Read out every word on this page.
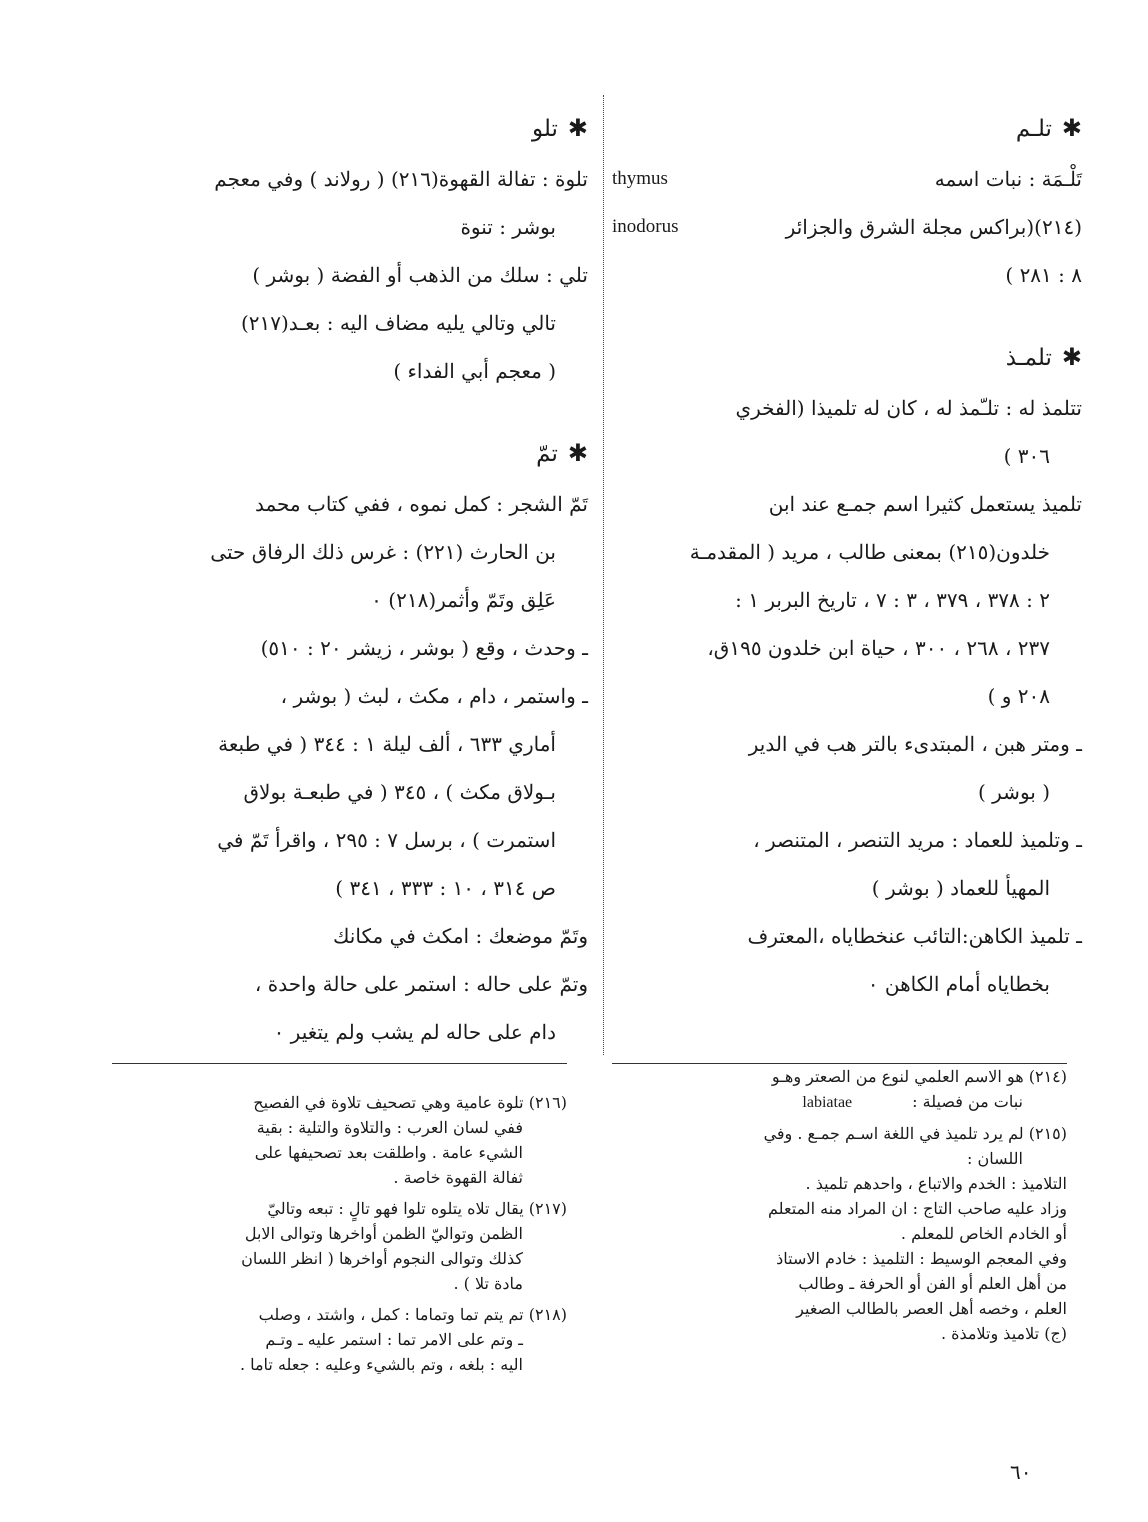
✱تلـم
تَلْـمَة : نبات اسمه
thymus
(٢١٤)(براكس مجلة الشرق والجزائر
inodorus
٨ : ٢٨١ )
✱تلمـذ
تتلمذ له : تلـّمذ له ، كان له تلميذا (الفخري
٣٠٦ )
تلميذ يستعمل كثيرا اسم جمـع عند ابن
خلدون(٢١٥) بمعنى طالب ، مريد ( المقدمـة
٢ : ٣٧٨ ، ٣٧٩ ، ٣ : ٧ ، تاريخ البربر ١ :
٢٣٧ ، ٢٦٨ ، ٣٠٠ ، حياة ابن خلدون ١٩٥ق،
٢٠٨ و )
ـ ومتر هبن ، المبتدىء بالتر هب في الدير
( بوشر )
ـ وتلميذ للعماد : مريد التنصر ، المتنصر ،
المهيأ للعماد ( بوشر )
ـ تلميذ الكاهن:التائب عنخطاياه ،المعترف
بخطاياه أمام الكاهن ٠
✱تلو
تلوة : تفالة القهوة(٢١٦) ( رولاند ) وفي معجم
بوشر : تنوة
تلي : سلك من الذهب أو الفضة ( بوشر )
تالي وتالي يليه مضاف اليه : بعـد(٢١٧)
( معجم أبي الفداء )
✱تمّ
تَمّ الشجر : كمل نموه ، ففي كتاب محمد
بن الحارث (٢٢١) : غرس ذلك الرفاق حتى
عَلِق وتَمّ وأثمر(٢١٨) ٠
ـ وحدث ، وقع ( بوشر ، زيشر ٢٠ : ٥١٠)
ـ واستمر ، دام ، مكث ، لبث ( بوشر ،
أماري ٦٣٣ ، ألف ليلة ١ : ٣٤٤ ( في طبعة
بـولاق مكث ) ، ٣٤٥ ( في طبعـة بولاق
استمرت ) ، برسل ٧ : ٢٩٥ ، واقرأ تَمّ في
ص ٣١٤ ، ١٠ : ٣٣٣ ، ٣٤١ )
وتَمّ موضعك : امكث في مكانك
وتمّ على حاله : استمر على حالة واحدة ،
دام على حاله لم يشب ولم يتغير ٠
(٢١٤) هو الاسم العلمي لنوع من الصعتر وهـو
نبات من فصيلة :labiatae
(٢١٥) لم يرد تلميذ في اللغة اسـم جمـع . وفي
اللسان :
التلاميذ : الخدم والاتباع ، واحدهم تلميذ .
وزاد عليه صاحب التاج : ان المراد منه المتعلم
أو الخادم الخاص للمعلم .
وفي المعجم الوسيط : التلميذ : خادم الاستاذ
من أهل العلم أو الفن أو الحرفة ـ وطالب
العلم ، وخصه أهل العصر بالطالب الصغير
(ج) تلاميذ وتلامذة .
(٢١٦) تلوة عامية وهي تصحيف تلاوة في الفصيح
ففي لسان العرب : والتلاوة والتلية : بقية
الشيء عامة . واطلقت بعد تصحيفها على
ثفالة القهوة خاصة .
(٢١٧) يقال تلاه يتلوه تلوا فهو تالٍ : تبعه وتاليّ
الظمن وتواليّ الظمن أواخرها وتوالى الابل
كذلك وتوالى النجوم أواخرها ( انظر اللسان
مادة تلا ) .
(٢١٨) تم يتم تما وتماما : كمل ، واشتد ، وصلب
ـ وتم على الامر تما : استمر عليه ـ وتـم
اليه : بلغه ، وتم بالشيء وعليه : جعله تاما .
٦٠
